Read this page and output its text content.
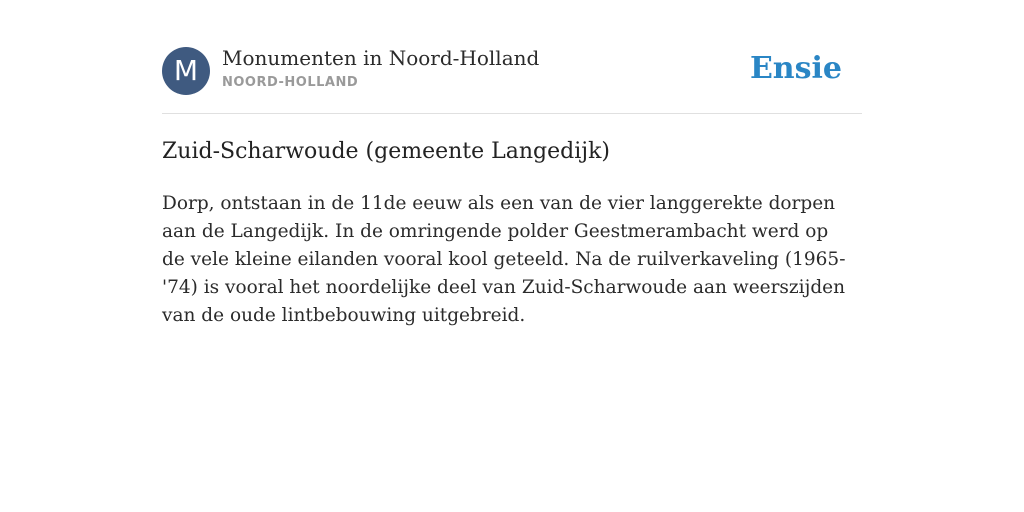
M	Monumenten in Noord-Holland
NOORD-HOLLAND	Ensie
Zuid-Scharwoude (gemeente Langedijk)

Dorp, ontstaan in de 11de eeuw als een van de vier langgerekte dorpen aan de Langedijk. In de omringende polder Geestmerambacht werd op de vele kleine eilanden vooral kool geteeld. Na de ruilverkaveling (1965-'74) is vooral het noordelijke deel van Zuid-Scharwoude aan weerszijden van de oude lintbebouwing uitgebreid.
